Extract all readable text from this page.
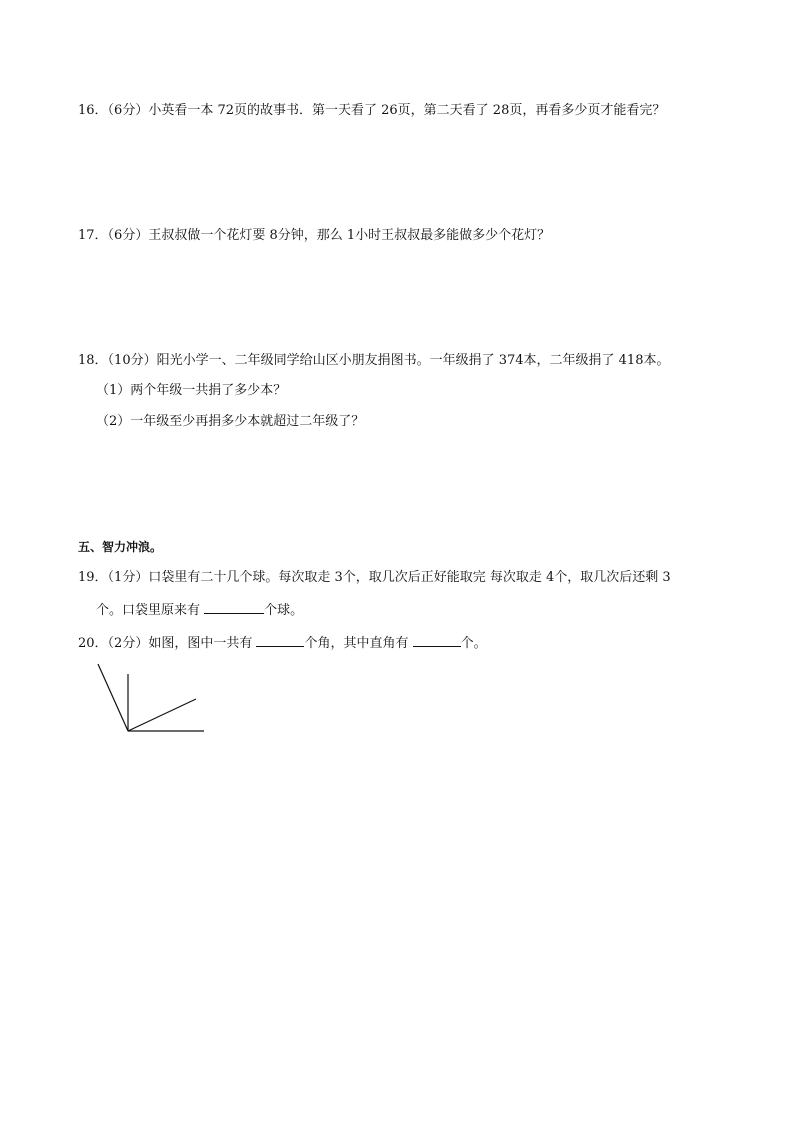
16．（6分）小英看一本 72页的故事书．第一天看了 26页，第二天看了 28页，再看多少页才能看完？
17．（6分）王叔叔做一个花灯要 8分钟，那么 1小时王叔叔最多能做多少个花灯？
18．（10分）阳光小学一、二年级同学给山区小朋友捐图书。一年级捐了 374本，二年级捐了 418本。
（1）两个年级一共捐了多少本？
（2）一年级至少再捐多少本就超过二年级了？
五、智力冲浪。
19．（1分）口袋里有二十几个球。每次取走 3个，取几次后正好能取完 每次取走 4个，取几次后还剩 3
个。口袋里原来有	个球。
20．（2分）如图，图中一共有	个角，其中直角有	个。
